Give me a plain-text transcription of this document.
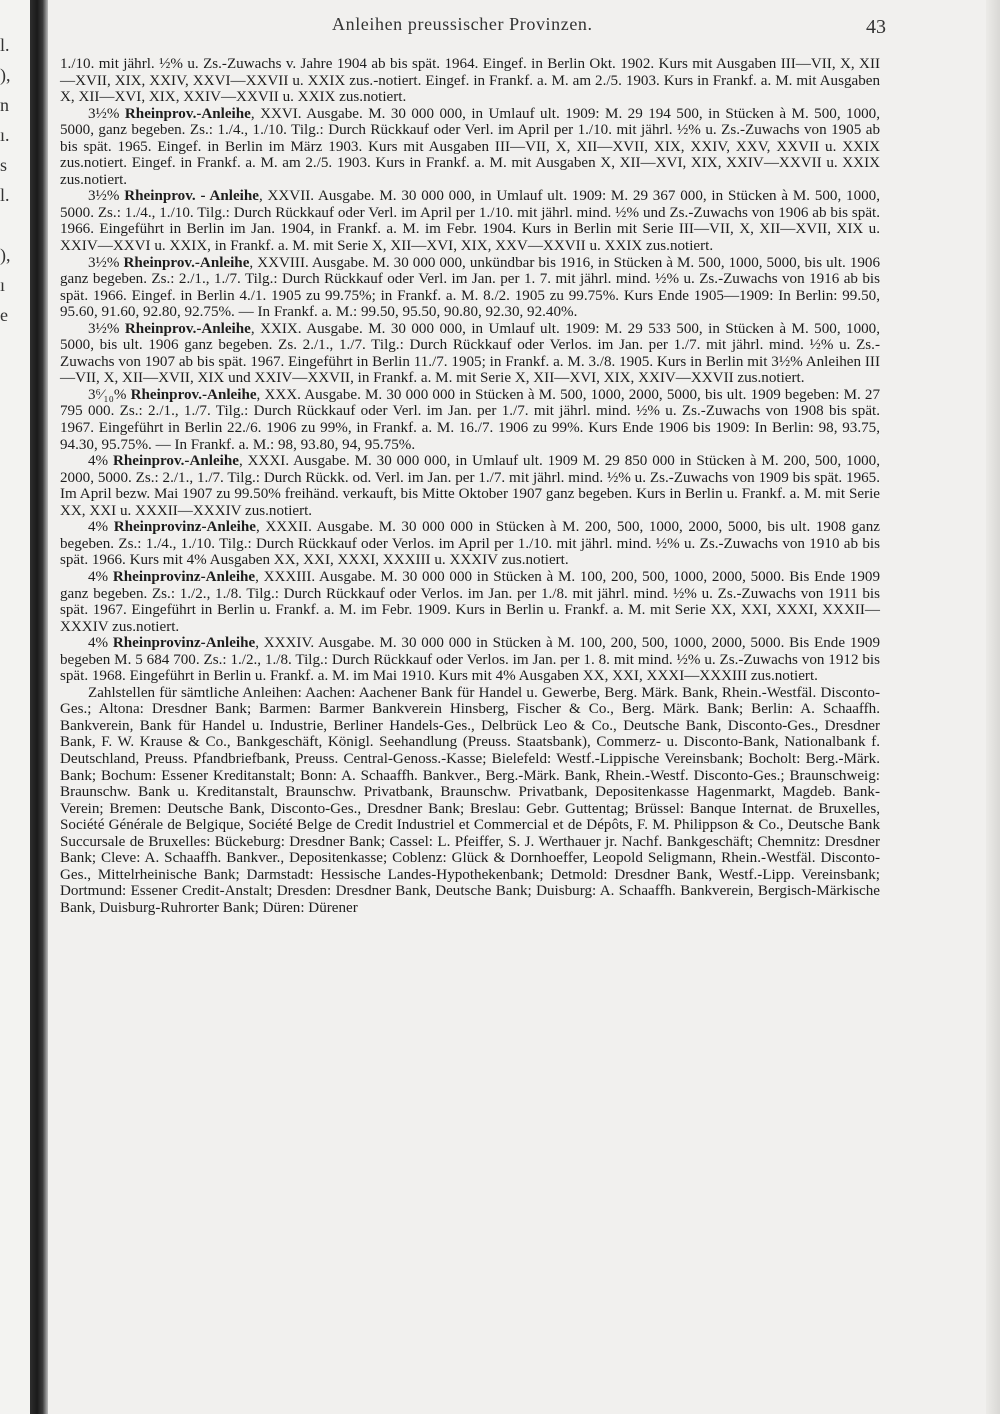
l.
),
n
ı.
s
l.
),
ı
e
Anleihen preussischer Provinzen.	43

1./10. mit jährl. ½% u. Zs.-Zuwachs v. Jahre 1904 ab bis spät. 1964. Eingef. in Berlin Okt. 1902. Kurs mit Ausgaben III—VII, X, XII—XVII, XIX, XXIV, XXVI—XXVII u. XXIX zus.-notiert. Eingef. in Frankf. a. M. am 2./5. 1903. Kurs in Frankf. a. M. mit Ausgaben X, XII—XVI, XIX, XXIV—XXVII u. XXIX zus.notiert.

3½% Rheinprov.-Anleihe, XXVI. Ausgabe. M. 30 000 000, in Umlauf ult. 1909: M. 29 194 500, in Stücken à M. 500, 1000, 5000, ganz begeben. Zs.: 1./4., 1./10. Tilg.: Durch Rückkauf oder Verl. im April per 1./10. mit jährl. ½% u. Zs.-Zuwachs von 1905 ab bis spät. 1965. Eingef. in Berlin im März 1903. Kurs mit Ausgaben III—VII, X, XII—XVII, XIX, XXIV, XXV, XXVII u. XXIX zus.notiert. Eingef. in Frankf. a. M. am 2./5. 1903. Kurs in Frankf. a. M. mit Ausgaben X, XII—XVI, XIX, XXIV—XXVII u. XXIX zus.notiert.

3½% Rheinprov. - Anleihe, XXVII. Ausgabe. M. 30 000 000, in Umlauf ult. 1909: M. 29 367 000, in Stücken à M. 500, 1000, 5000. Zs.: 1./4., 1./10. Tilg.: Durch Rückkauf oder Verl. im April per 1./10. mit jährl. mind. ½% und Zs.-Zuwachs von 1906 ab bis spät. 1966. Eingeführt in Berlin im Jan. 1904, in Frankf. a. M. im Febr. 1904. Kurs in Berlin mit Serie III—VII, X, XII—XVII, XIX u. XXIV—XXVI u. XXIX, in Frankf. a. M. mit Serie X, XII—XVI, XIX, XXV—XXVII u. XXIX zus.notiert.

3½% Rheinprov.-Anleihe, XXVIII. Ausgabe. M. 30 000 000, unkündbar bis 1916, in Stücken à M. 500, 1000, 5000, bis ult. 1906 ganz begeben. Zs.: 2./1., 1./7. Tilg.: Durch Rückkauf oder Verl. im Jan. per 1. 7. mit jährl. mind. ½% u. Zs.-Zuwachs von 1916 ab bis spät. 1966. Eingef. in Berlin 4./1. 1905 zu 99.75%; in Frankf. a. M. 8./2. 1905 zu 99.75%. Kurs Ende 1905—1909: In Berlin: 99.50, 95.60, 91.60, 92.80, 92.75%. — In Frankf. a. M.: 99.50, 95.50, 90.80, 92.30, 92.40%.

3½% Rheinprov.-Anleihe, XXIX. Ausgabe. M. 30 000 000, in Umlauf ult. 1909: M. 29 533 500, in Stücken à M. 500, 1000, 5000, bis ult. 1906 ganz begeben. Zs. 2./1., 1./7. Tilg.: Durch Rückkauf oder Verlos. im Jan. per 1./7. mit jährl. mind. ½% u. Zs.-Zuwachs von 1907 ab bis spät. 1967. Eingeführt in Berlin 11./7. 1905; in Frankf. a. M. 3./8. 1905. Kurs in Berlin mit 3½% Anleihen III—VII, X, XII—XVII, XIX und XXIV—XXVII, in Frankf. a. M. mit Serie X, XII—XVI, XIX, XXIV—XXVII zus.notiert.

3⁶⁄₁₀% Rheinprov.-Anleihe, XXX. Ausgabe. M. 30 000 000 in Stücken à M. 500, 1000, 2000, 5000, bis ult. 1909 begeben: M. 27 795 000. Zs.: 2./1., 1./7. Tilg.: Durch Rückkauf oder Verl. im Jan. per 1./7. mit jährl. mind. ½% u. Zs.-Zuwachs von 1908 bis spät. 1967. Eingeführt in Berlin 22./6. 1906 zu 99%, in Frankf. a. M. 16./7. 1906 zu 99%. Kurs Ende 1906 bis 1909: In Berlin: 98, 93.75, 94.30, 95.75%. — In Frankf. a. M.: 98, 93.80, 94, 95.75%.

4% Rheinprov.-Anleihe, XXXI. Ausgabe. M. 30 000 000, in Umlauf ult. 1909 M. 29 850 000 in Stücken à M. 200, 500, 1000, 2000, 5000. Zs.: 2./1., 1./7. Tilg.: Durch Rückk. od. Verl. im Jan. per 1./7. mit jährl. mind. ½% u. Zs.-Zuwachs von 1909 bis spät. 1965. Im April bezw. Mai 1907 zu 99.50% freihänd. verkauft, bis Mitte Oktober 1907 ganz begeben. Kurs in Berlin u. Frankf. a. M. mit Serie XX, XXI u. XXXII—XXXIV zus.notiert.

4% Rheinprovinz-Anleihe, XXXII. Ausgabe. M. 30 000 000 in Stücken à M. 200, 500, 1000, 2000, 5000, bis ult. 1908 ganz begeben. Zs.: 1./4., 1./10. Tilg.: Durch Rückkauf oder Verlos. im April per 1./10. mit jährl. mind. ½% u. Zs.-Zuwachs von 1910 ab bis spät. 1966. Kurs mit 4% Ausgaben XX, XXI, XXXI, XXXIII u. XXXIV zus.notiert.

4% Rheinprovinz-Anleihe, XXXIII. Ausgabe. M. 30 000 000 in Stücken à M. 100, 200, 500, 1000, 2000, 5000. Bis Ende 1909 ganz begeben. Zs.: 1./2., 1./8. Tilg.: Durch Rückkauf oder Verlos. im Jan. per 1./8. mit jährl. mind. ½% u. Zs.-Zuwachs von 1911 bis spät. 1967. Eingeführt in Berlin u. Frankf. a. M. im Febr. 1909. Kurs in Berlin u. Frankf. a. M. mit Serie XX, XXI, XXXI, XXXII—XXXIV zus.notiert.

4% Rheinprovinz-Anleihe, XXXIV. Ausgabe. M. 30 000 000 in Stücken à M. 100, 200, 500, 1000, 2000, 5000. Bis Ende 1909 begeben M. 5 684 700. Zs.: 1./2., 1./8. Tilg.: Durch Rückkauf oder Verlos. im Jan. per 1. 8. mit mind. ½% u. Zs.-Zuwachs von 1912 bis spät. 1968. Eingeführt in Berlin u. Frankf. a. M. im Mai 1910. Kurs mit 4% Ausgaben XX, XXI, XXXI—XXXIII zus.notiert.

Zahlstellen für sämtliche Anleihen: Aachen: Aachener Bank für Handel u. Gewerbe, Berg. Märk. Bank, Rhein.-Westfäl. Disconto-Ges.; Altona: Dresdner Bank; Barmen: Barmer Bankverein Hinsberg, Fischer & Co., Berg. Märk. Bank; Berlin: A. Schaaffh. Bankverein, Bank für Handel u. Industrie, Berliner Handels-Ges., Delbrück Leo & Co., Deutsche Bank, Disconto-Ges., Dresdner Bank, F. W. Krause & Co., Bankgeschäft, Königl. Seehandlung (Preuss. Staatsbank), Commerz- u. Disconto-Bank, Nationalbank f. Deutschland, Preuss. Pfandbriefbank, Preuss. Central-Genoss.-Kasse; Bielefeld: Westf.-Lippische Vereinsbank; Bocholt: Berg.-Märk. Bank; Bochum: Essener Kreditanstalt; Bonn: A. Schaaffh. Bankver., Berg.-Märk. Bank, Rhein.-Westf. Disconto-Ges.; Braunschweig: Braunschw. Bank u. Kreditanstalt, Braunschw. Privatbank, Braunschw. Privatbank, Depositenkasse Hagenmarkt, Magdeb. Bank-Verein; Bremen: Deutsche Bank, Disconto-Ges., Dresdner Bank; Breslau: Gebr. Guttentag; Brüssel: Banque Internat. de Bruxelles, Société Générale de Belgique, Société Belge de Credit Industriel et Commercial et de Dépôts, F. M. Philippson & Co., Deutsche Bank Succursale de Bruxelles: Bückeburg: Dresdner Bank; Cassel: L. Pfeiffer, S. J. Werthauer jr. Nachf. Bankgeschäft; Chemnitz: Dresdner Bank; Cleve: A. Schaaffh. Bankver., Depositenkasse; Coblenz: Glück & Dornhoeffer, Leopold Seligmann, Rhein.-Westfäl. Disconto-Ges., Mittelrheinische Bank; Darmstadt: Hessische Landes-Hypothekenbank; Detmold: Dresdner Bank, Westf.-Lipp. Vereinsbank; Dortmund: Essener Credit-Anstalt; Dresden: Dresdner Bank, Deutsche Bank; Duisburg: A. Schaaffh. Bankverein, Bergisch-Märkische Bank, Duisburg-Ruhrorter Bank; Düren: Dürener
